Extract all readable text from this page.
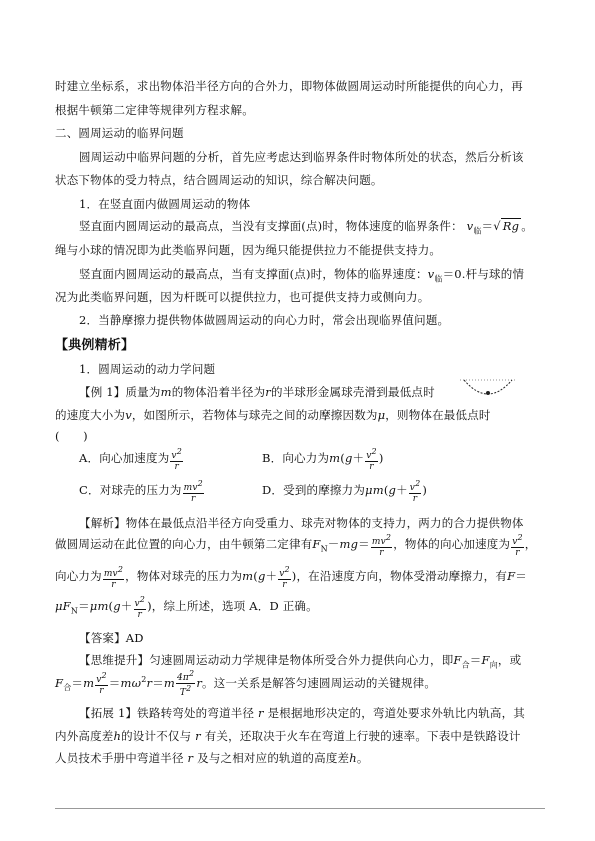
时建立坐标系，求出物体沿半径方向的合外力，即物体做圆周运动时所能提供的向心力，再
根据牛顿第二定律等规律列方程求解。
二、圆周运动的临界问题
圆周运动中临界问题的分析，首先应考虑达到临界条件时物体所处的状态，然后分析该
状态下物体的受力特点，结合圆周运动的知识，综合解决问题。
1．在竖直面内做圆周运动的物体
竖直面内圆周运动的最高点，当没有支撑面(点)时，物体速度的临界条件： $v_临=√$ Rg 。
绳与小球的情况即为此类临界问题，因为绳只能提供拉力不能提供支持力。
竖直面内圆周运动的最高点，当有支撑面(点)时，物体的临界速度：$v_临=0$.杆与球的情
况为此类临界问题，因为杆既可以提供拉力，也可提供支持力或侧向力。
2．当静摩擦力提供物体做圆周运动的向心力时，常会出现临界值问题。
【典例精析】
1．圆周运动的动力学问题
【例 1】质量为m的物体沿着半径为r的半球形金属球壳滑到最低点时
的速度大小为v，如图所示，若物体与球壳之间的动摩擦因数为μ，则物体在最低点时
(　　)
A．向心加速度为 $\frac{v^2}{r}$	B．向心力为$m(g+ \frac{v^2}{r}$ )
C．对球壳的压力为 $\frac{mv^2}{r}$	D．受到的摩擦力为$\mu m(g+ \frac{v^2}{r}$ )
【解析】物体在最低点沿半径方向受重力、球壳对物体的支持力，两力的合力提供物体
做圆周运动在此位置的向心力，由牛顿第二定律有$F_N-mg= \frac{mv^2}{r}$ ，物体的向心加速度为 $\frac{v^2}{r}$ ，
向心力为 $\frac{mv^2}{r}$ ，物体对球壳的压力为$m(g+ \frac{v^2}{r}$ )，在沿速度方向，物体受滑动摩擦力，有F＝
$\mu F_N=\mu m(g+ \frac{v^2}{r}$ )，综上所述，选项 A．D 正确。
【答案】AD
【思维提升】匀速圆周运动动力学规律是物体所受合外力提供向心力，即$F_合=F_向$，或
$F_合=m \frac{v^2}{r} =m\omega^2r=m \frac{4\pi^2}{T^2}$ r。这一关系是解答匀速圆周运动的关键规律。
【拓展 1】铁路转弯处的弯道半径 r 是根据地形决定的，弯道处要求外轨比内轨高，其
内外高度差h的设计不仅与 r 有关，还取决于火车在弯道上行驶的速率。下表中是铁路设计
人员技术手册中弯道半径 r 及与之相对应的轨道的高度差h。
